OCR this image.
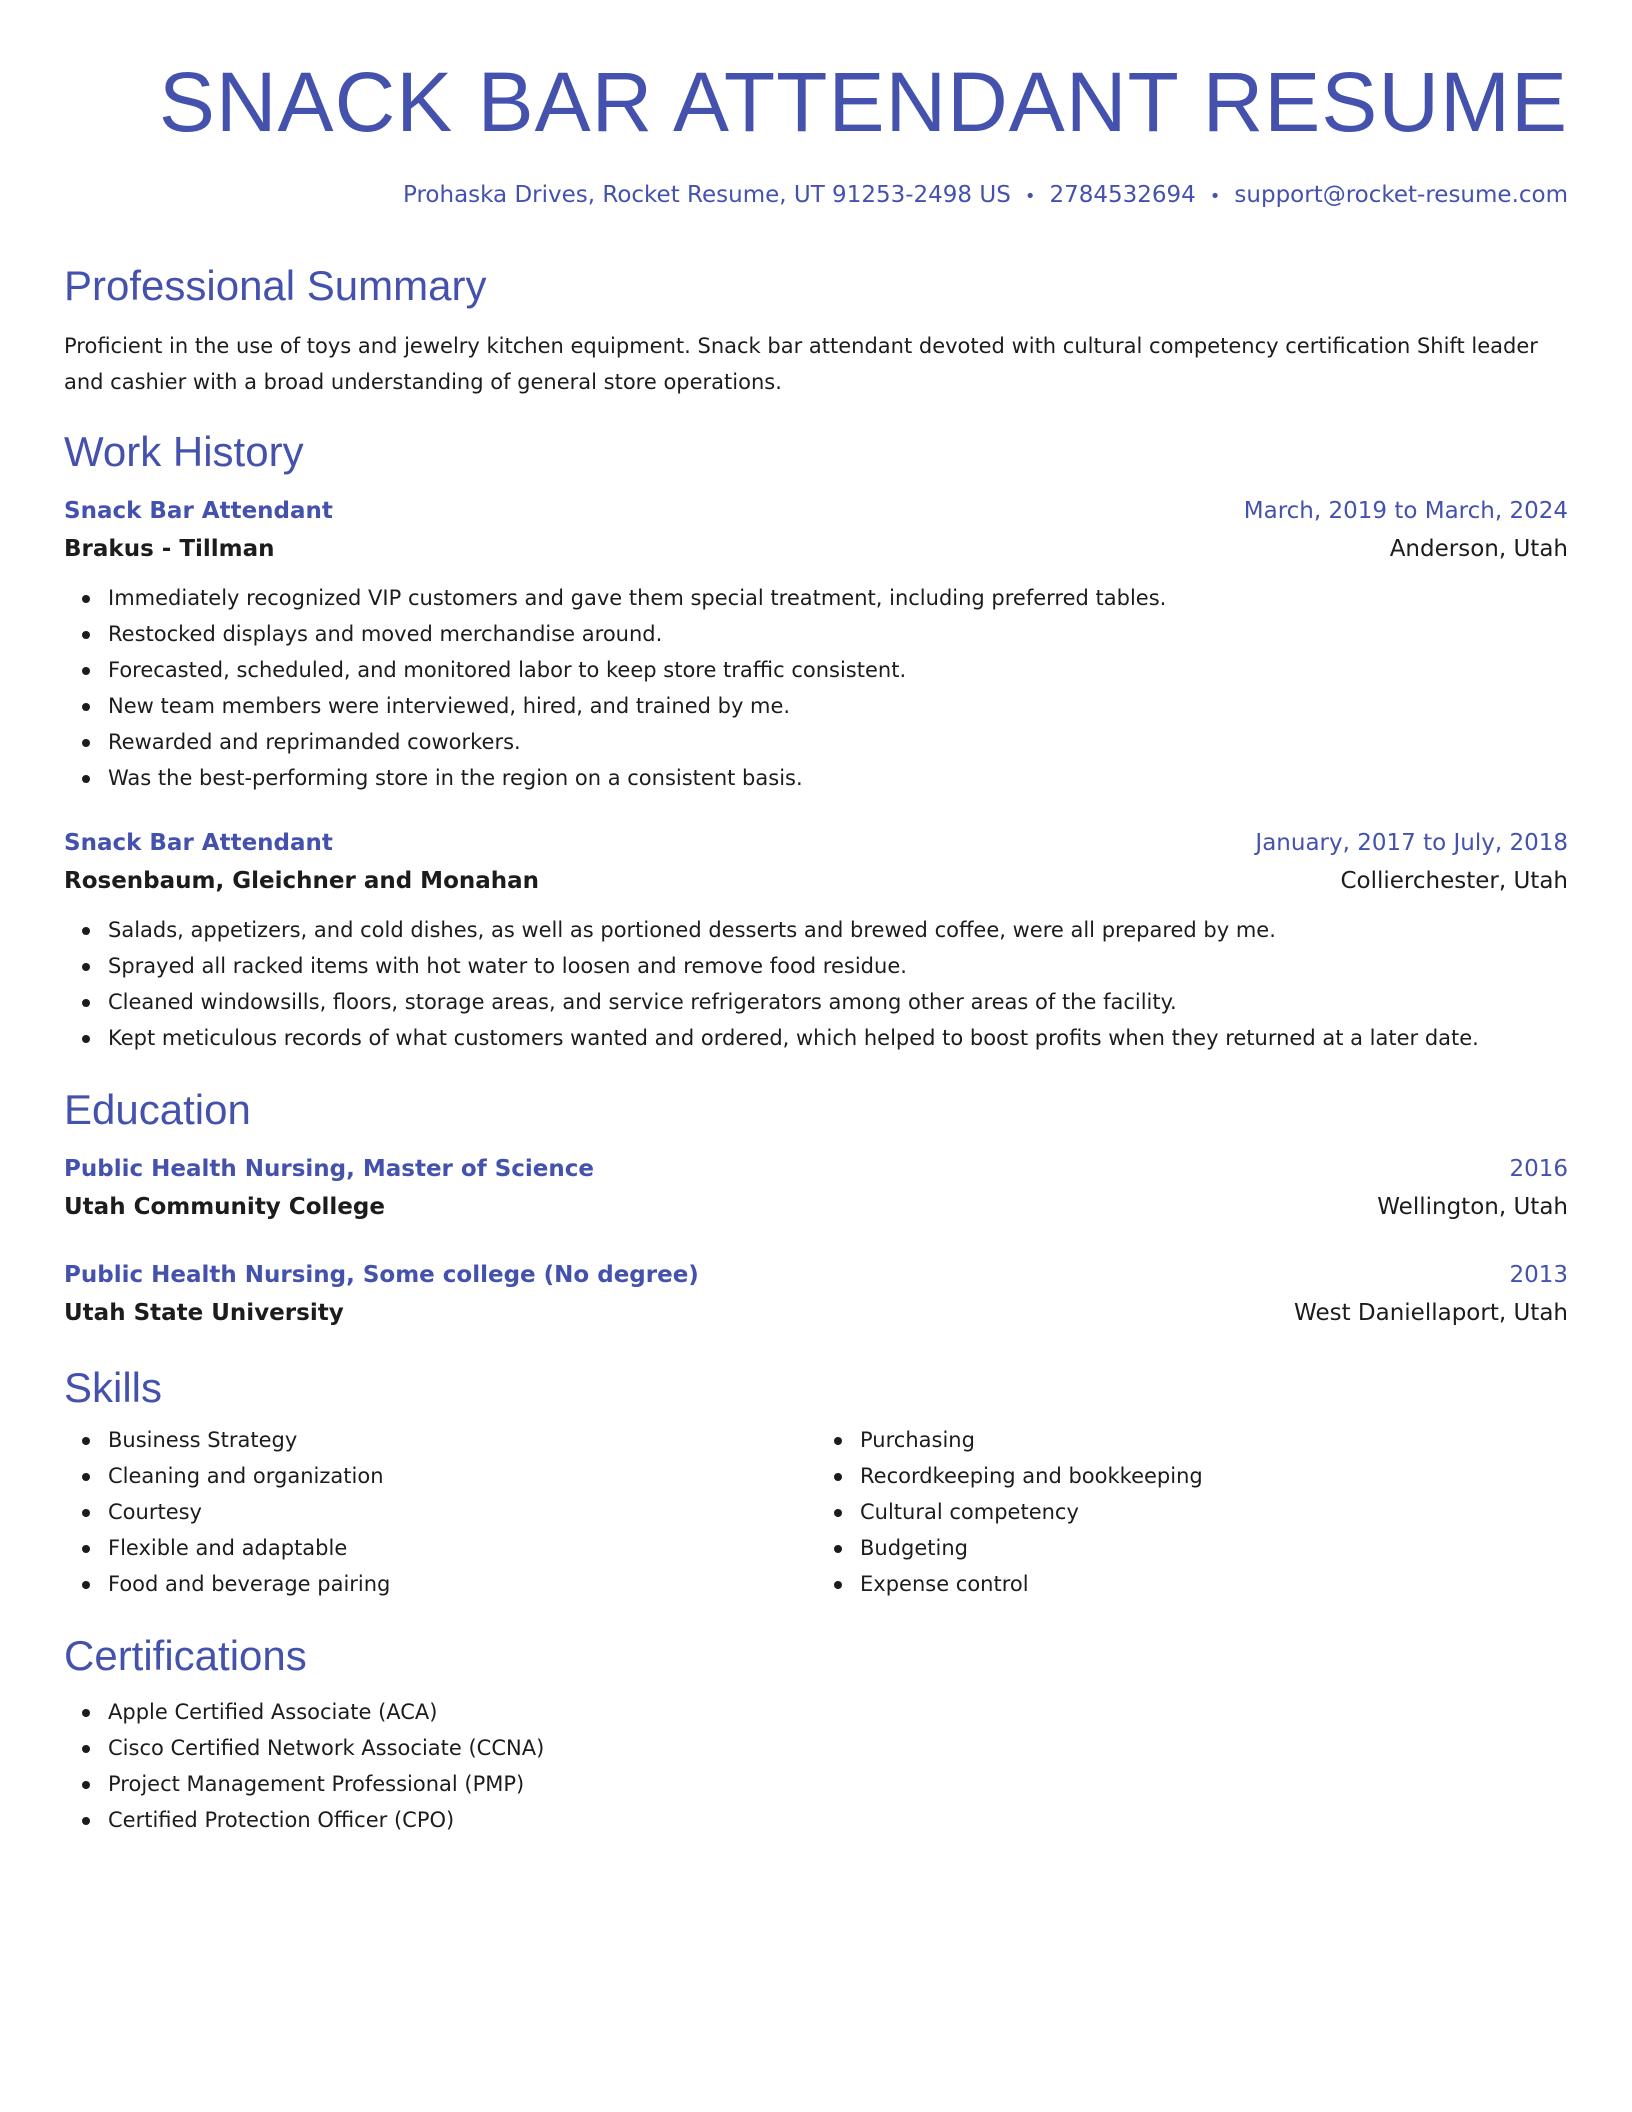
SNACK BAR ATTENDANT RESUME
Prohaska Drives, Rocket Resume, UT 91253-2498 US • 2784532694 • support@rocket-resume.com
Professional Summary
Proficient in the use of toys and jewelry kitchen equipment. Snack bar attendant devoted with cultural competency certification Shift leader and cashier with a broad understanding of general store operations.
Work History
Snack Bar Attendant	March, 2019 to March, 2024
Brakus - Tillman	Anderson, Utah
Immediately recognized VIP customers and gave them special treatment, including preferred tables.
Restocked displays and moved merchandise around.
Forecasted, scheduled, and monitored labor to keep store traffic consistent.
New team members were interviewed, hired, and trained by me.
Rewarded and reprimanded coworkers.
Was the best-performing store in the region on a consistent basis.
Snack Bar Attendant	January, 2017 to July, 2018
Rosenbaum, Gleichner and Monahan	Collierchester, Utah
Salads, appetizers, and cold dishes, as well as portioned desserts and brewed coffee, were all prepared by me.
Sprayed all racked items with hot water to loosen and remove food residue.
Cleaned windowsills, floors, storage areas, and service refrigerators among other areas of the facility.
Kept meticulous records of what customers wanted and ordered, which helped to boost profits when they returned at a later date.
Education
Public Health Nursing, Master of Science	2016
Utah Community College	Wellington, Utah
Public Health Nursing, Some college (No degree)	2013
Utah State University	West Daniellaport, Utah
Skills
Business Strategy
Cleaning and organization
Courtesy
Flexible and adaptable
Food and beverage pairing
Purchasing
Recordkeeping and bookkeeping
Cultural competency
Budgeting
Expense control
Certifications
Apple Certified Associate (ACA)
Cisco Certified Network Associate (CCNA)
Project Management Professional (PMP)
Certified Protection Officer (CPO)
